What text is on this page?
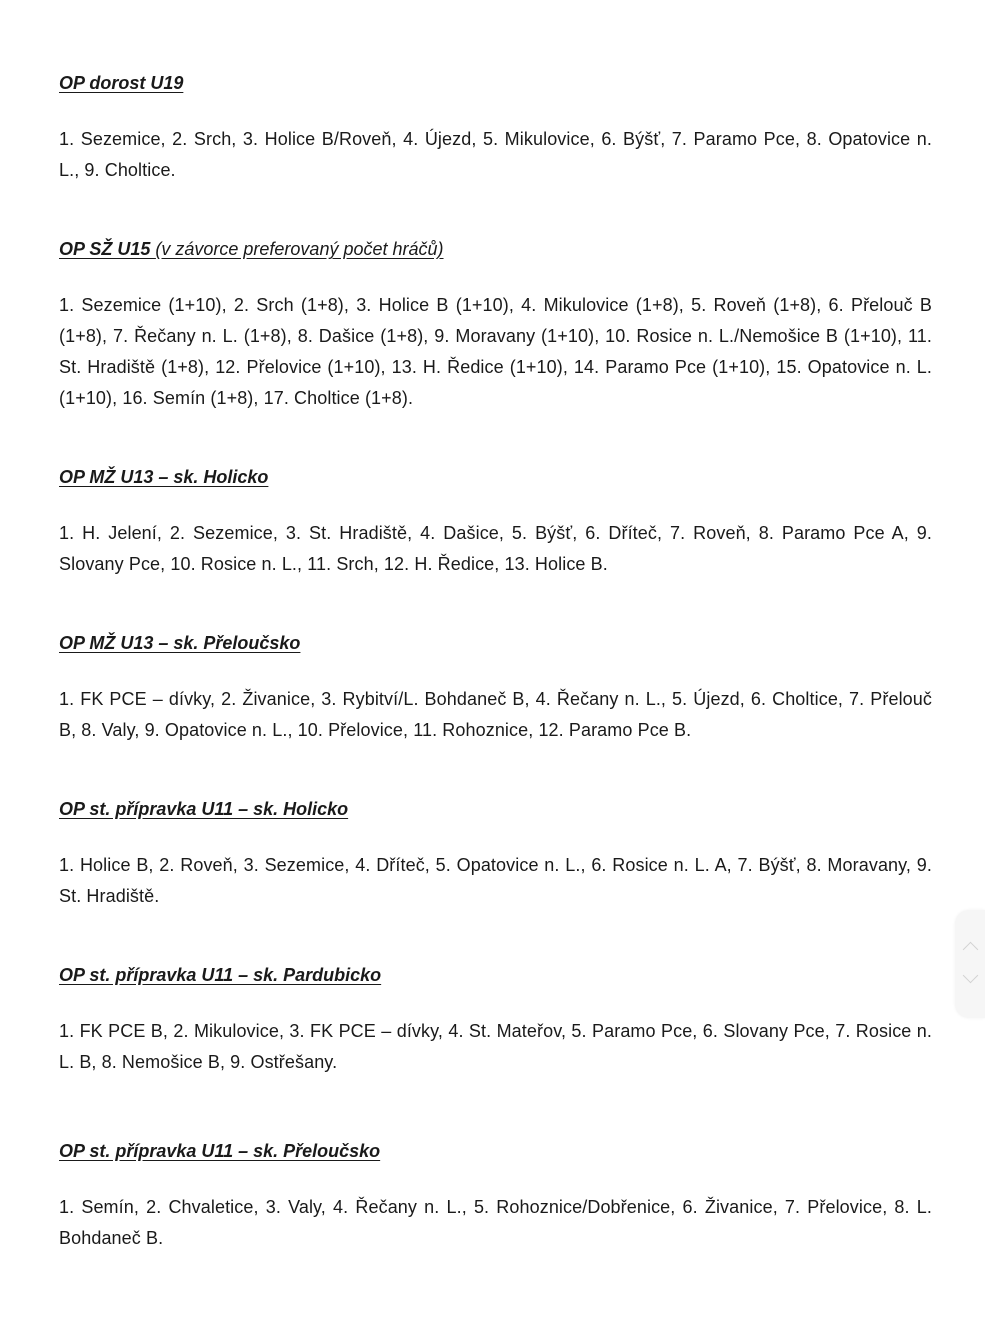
OP dorost U19

1. Sezemice, 2. Srch, 3. Holice B/Roveň, 4. Újezd, 5. Mikulovice, 6. Býšť, 7. Paramo Pce, 8. Opatovice n. L., 9. Choltice.

OP SŽ U15 (v závorce preferovaný počet hráčů)

1. Sezemice (1+10), 2. Srch (1+8), 3. Holice B (1+10), 4. Mikulovice (1+8), 5. Roveň (1+8), 6. Přelouč B (1+8), 7. Řečany n. L. (1+8), 8. Dašice (1+8), 9. Moravany (1+10), 10. Rosice n. L./Nemošice B (1+10), 11. St. Hradiště (1+8), 12. Přelovice (1+10), 13. H. Ředice (1+10), 14. Paramo Pce (1+10), 15. Opatovice n. L. (1+10), 16. Semín (1+8), 17. Choltice (1+8).

OP MŽ U13 – sk. Holicko

1. H. Jelení, 2. Sezemice, 3. St. Hradiště, 4. Dašice, 5. Býšť, 6. Dříteč, 7. Roveň, 8. Paramo Pce A, 9. Slovany Pce, 10. Rosice n. L., 11. Srch, 12. H. Ředice, 13. Holice B.

OP MŽ U13 – sk. Přeloučsko

1. FK PCE – dívky, 2. Živanice, 3. Rybitví/L. Bohdaneč B, 4. Řečany n. L., 5. Újezd, 6. Choltice, 7. Přelouč B, 8. Valy, 9. Opatovice n. L., 10. Přelovice, 11. Rohoznice, 12. Paramo Pce B.

OP st. přípravka U11 – sk. Holicko

1. Holice B, 2. Roveň, 3. Sezemice, 4. Dříteč, 5. Opatovice n. L., 6. Rosice n. L. A, 7. Býšť, 8. Moravany, 9. St. Hradiště.

OP st. přípravka U11 – sk. Pardubicko

1. FK PCE B, 2. Mikulovice, 3. FK PCE – dívky, 4. St. Mateřov, 5. Paramo Pce, 6. Slovany Pce, 7. Rosice n. L. B, 8. Nemošice B, 9. Ostřešany.

OP st. přípravka U11 – sk. Přeloučsko

1. Semín, 2. Chvaletice, 3. Valy, 4. Řečany n. L., 5. Rohoznice/Dobřenice, 6. Živanice, 7. Přelovice, 8. L. Bohdaneč B.
